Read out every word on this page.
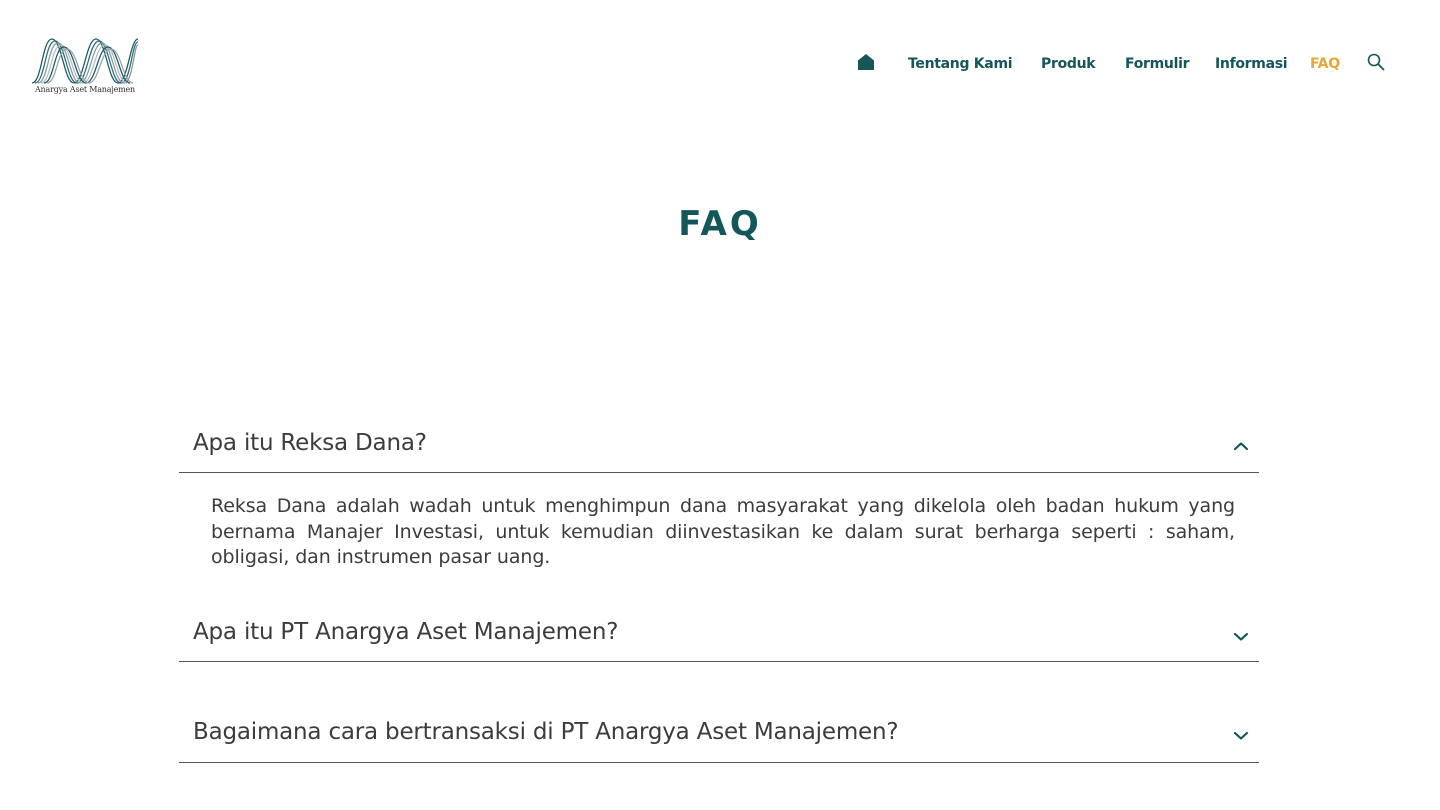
Anargya Aset Manajemen
Tentang Kami Produk Formulir Informasi FAQ
FAQ
Apa itu Reksa Dana?

Reksa Dana adalah wadah untuk menghimpun dana masyarakat yang dikelola oleh badan hukum yang bernama Manajer Investasi, untuk kemudian diinvestasikan ke dalam surat berharga seperti : saham, obligasi, dan instrumen pasar uang.

Apa itu PT Anargya Aset Manajemen?
Bagaimana cara bertransaksi di PT Anargya Aset Manajemen?
